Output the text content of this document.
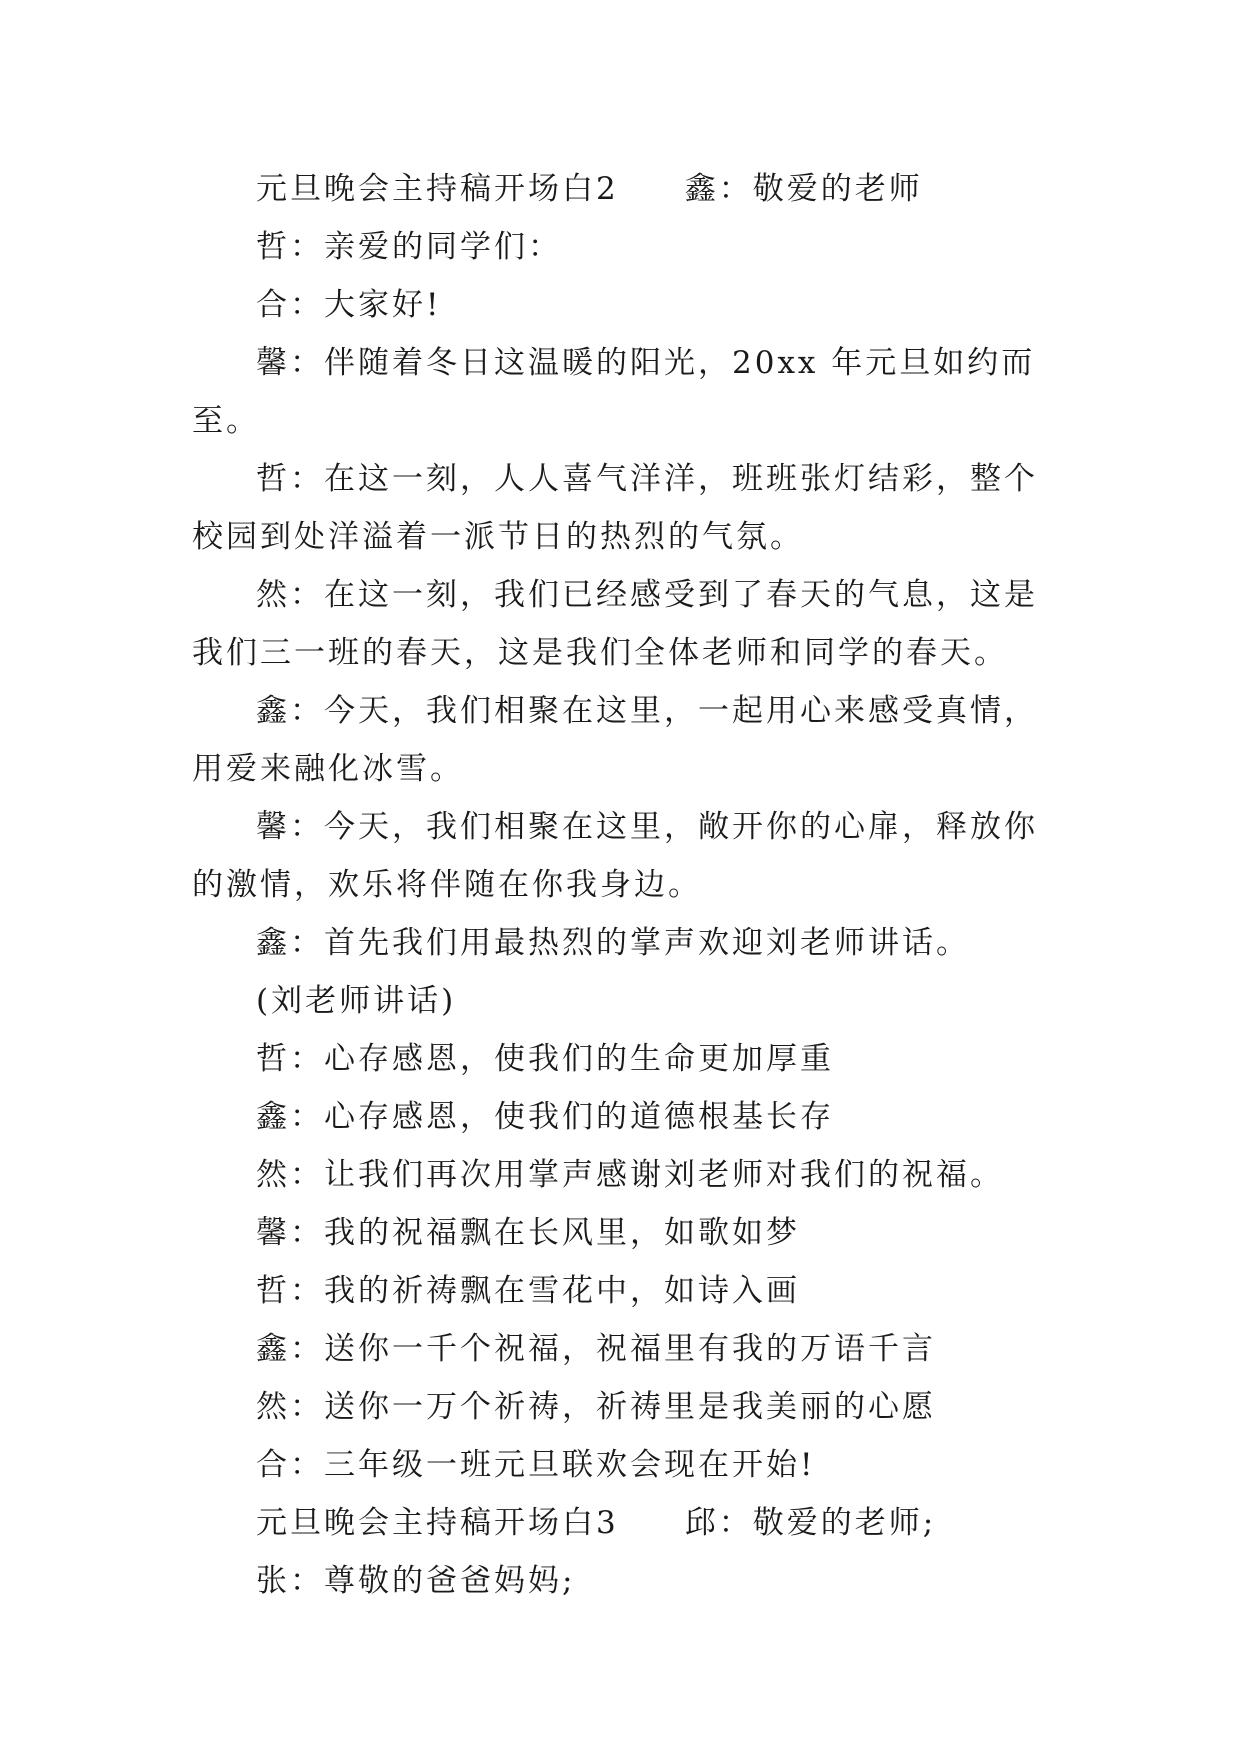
元旦晚会主持稿开场白2 鑫：敬爱的老师

哲：亲爱的同学们：

合：大家好!

馨：伴随着冬日这温暖的阳光，20xx 年元旦如约而至。

哲：在这一刻，人人喜气洋洋，班班张灯结彩，整个校园到处洋溢着一派节日的热烈的气氛。

然：在这一刻，我们已经感受到了春天的气息，这是我们三一班的春天，这是我们全体老师和同学的春天。

鑫：今天，我们相聚在这里，一起用心来感受真情，用爱来融化冰雪。

馨：今天，我们相聚在这里，敞开你的心扉，释放你的激情，欢乐将伴随在你我身边。

鑫：首先我们用最热烈的掌声欢迎刘老师讲话。

(刘老师讲话)

哲：心存感恩，使我们的生命更加厚重

鑫：心存感恩，使我们的道德根基长存

然：让我们再次用掌声感谢刘老师对我们的祝福。

馨：我的祝福飘在长风里，如歌如梦

哲：我的祈祷飘在雪花中，如诗入画

鑫：送你一千个祝福，祝福里有我的万语千言

然：送你一万个祈祷，祈祷里是我美丽的心愿

合：三年级一班元旦联欢会现在开始!

元旦晚会主持稿开场白3 邱：敬爱的老师;

张：尊敬的爸爸妈妈;
